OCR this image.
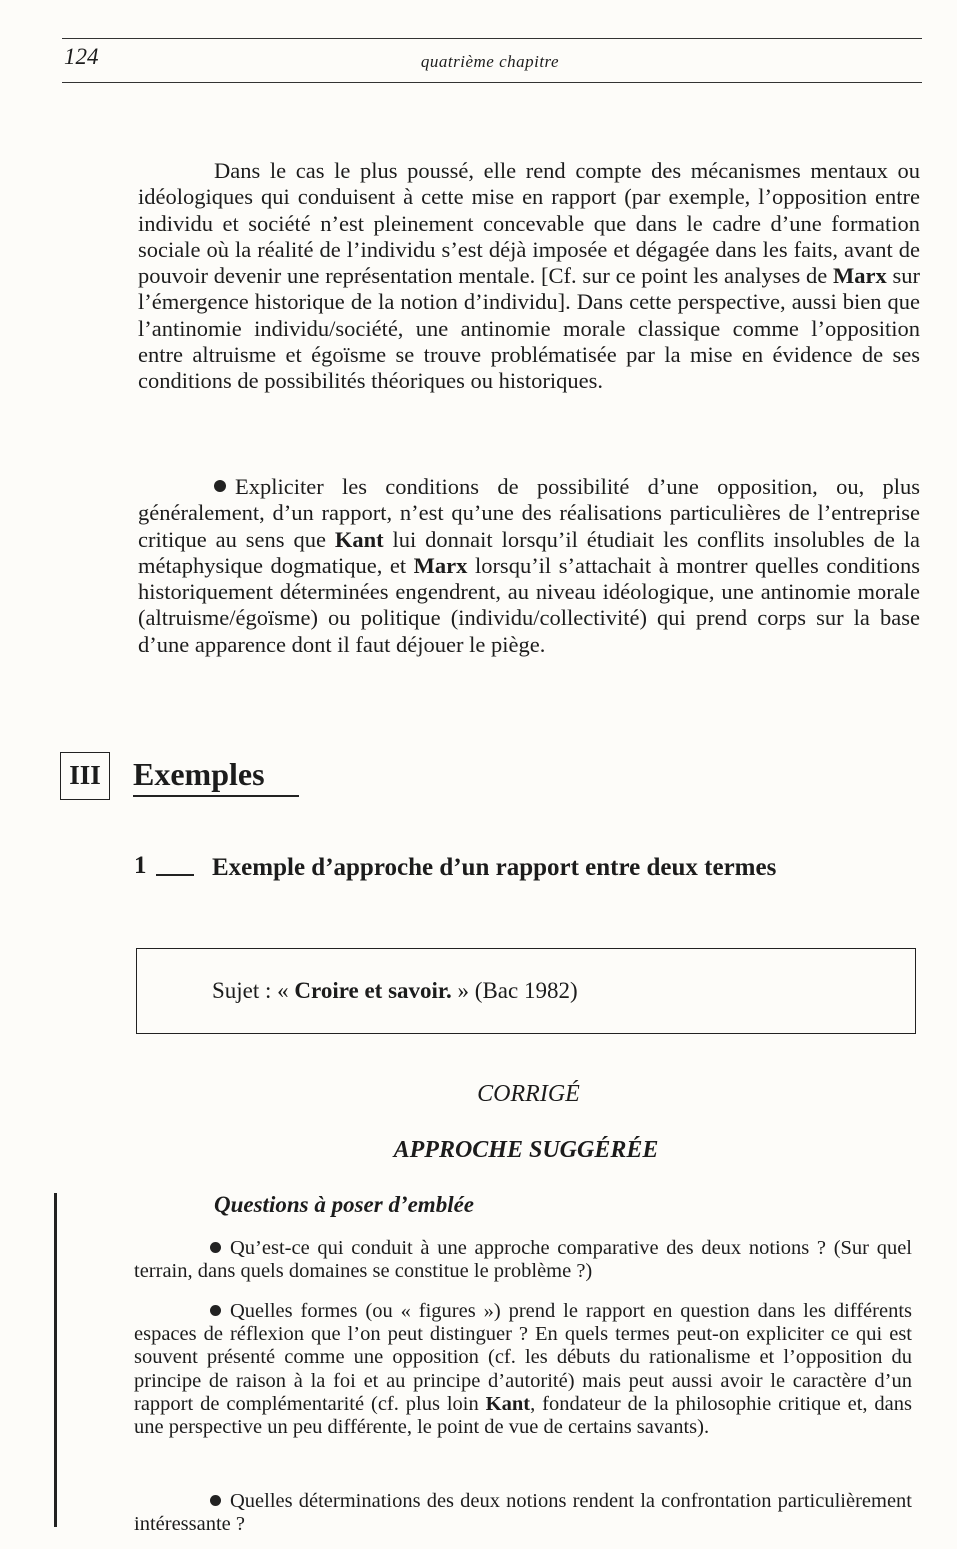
124	quatrième chapitre

Dans le cas le plus poussé, elle rend compte des mécanismes mentaux ou idéologiques qui conduisent à cette mise en rapport (par exemple, l’opposition entre individu et société n’est pleinement concevable que dans le cadre d’une formation sociale où la réalité de l’individu s’est déjà imposée et dégagée dans les faits, avant de pouvoir devenir une représentation mentale. [Cf. sur ce point les analyses de Marx sur l’émergence historique de la notion d’individu]. Dans cette perspective, aussi bien que l’antinomie individu/société, une antinomie morale classique comme l’opposition entre altruisme et égoïsme se trouve problématisée par la mise en évidence de ses conditions de possibilités théoriques ou historiques.

Expliciter les conditions de possibilité d’une opposition, ou, plus généralement, d’un rapport, n’est qu’une des réalisations particulières de l’entreprise critique au sens que Kant lui donnait lorsqu’il étudiait les conflits insolubles de la métaphysique dogmatique, et Marx lorsqu’il s’attachait à montrer quelles conditions historiquement déterminées engendrent, au niveau idéologique, une antinomie morale (altruisme/égoïsme) ou politique (individu/collectivité) qui prend corps sur la base d’une apparence dont il faut déjouer le piège.

III Exemples
1	Exemple d’approche d’un rapport entre deux termes
Sujet : « Croire et savoir. » (Bac 1982)
CORRIGÉ
APPROCHE SUGGÉRÉE
Questions à poser d’emblée

Qu’est-ce qui conduit à une approche comparative des deux notions ? (Sur quel terrain, dans quels domaines se constitue le problème ?)

Quelles formes (ou « figures ») prend le rapport en question dans les différents espaces de réflexion que l’on peut distinguer ? En quels termes peut-on expliciter ce qui est souvent présenté comme une opposition (cf. les débuts du rationalisme et l’opposition du principe de raison à la foi et au principe d’autorité) mais peut aussi avoir le caractère d’un rapport de complémentarité (cf. plus loin Kant, fondateur de la philosophie critique et, dans une perspective un peu différente, le point de vue de certains savants).

Quelles déterminations des deux notions rendent la confrontation particulièrement intéressante ?
